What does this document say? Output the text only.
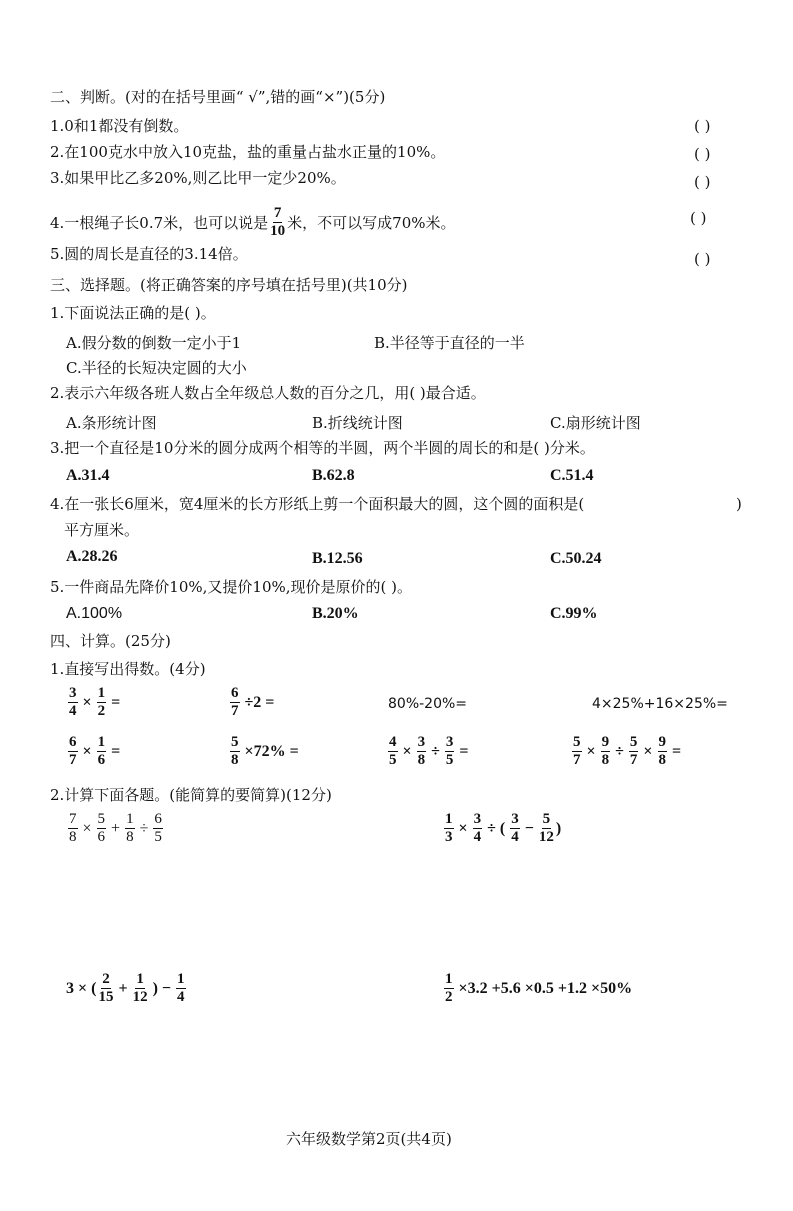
二、判断。(对的在括号里画“ √”,错的画“×”)(5分)
1.0和1都没有倒数。	( )
2.在100克水中放入10克盐，盐的重量占盐水正量的10%。	( )
3.如果甲比乙多20%,则乙比甲一定少20%。	( )
4.一根绳子长0.7米，也可以说是 $\frac{7}{10}$ 米，不可以写成70%米。	( )
5.圆的周长是直径的3.14倍。	( )
三、选择题。(将正确答案的序号填在括号里)(共10分)
1.下面说法正确的是( )。
A.假分数的倒数一定小于1	B.半径等于直径的一半
C.半径的长短决定圆的大小
2.表示六年级各班人数占全年级总人数的百分之几，用( )最合适。
A.条形统计图	B.折线统计图	C.扇形统计图
3.把一个直径是10分米的圆分成两个相等的半圆，两个半圆的周长的和是( )分米。
A.31.4	B.62.8	C.51.4
4.在一张长6厘米，宽4厘米的长方形纸上剪一个面积最大的圆，这个圆的面积是(	)
平方厘米。
A.28.26	B.12.56	C.50.24
5.一件商品先降价10%,又提价10%,现价是原价的( )。
A.100%	B.20%	C.99%
四、计算。(25分)
1.直接写出得数。(4分)
$\frac{3}{4} \times \frac{1}{2}$ =	$\frac{6}{7} \div 2$ =	80%-20%=	4×25%+16×25%=
$\frac{6}{7} \times \frac{1}{6}$ =	$\frac{5}{8} \times 72\%$ =	$\frac{4}{5} \times \frac{3}{8} \div \frac{3}{5}$ =	$\frac{5}{7} \times \frac{9}{8} \div \frac{5}{7} \times \frac{9}{8}$ =
2.计算下面各题。(能简算的要简算)(12分)
$\frac{7}{8} \times \frac{5}{6} + \frac{1}{8} \div \frac{6}{5}$	$\frac{1}{3} \times \frac{3}{4}$ ÷ ( $\frac{3}{4} - \frac{5}{12}$ )
3 × ( $\frac{2}{15} + \frac{1}{12}$ ) − $\frac{1}{4}$	$\frac{1}{2} \times 3.2 +5.6 \times 0.5 +1.2 \times 50\%$
六年级数学第2页(共4页)
